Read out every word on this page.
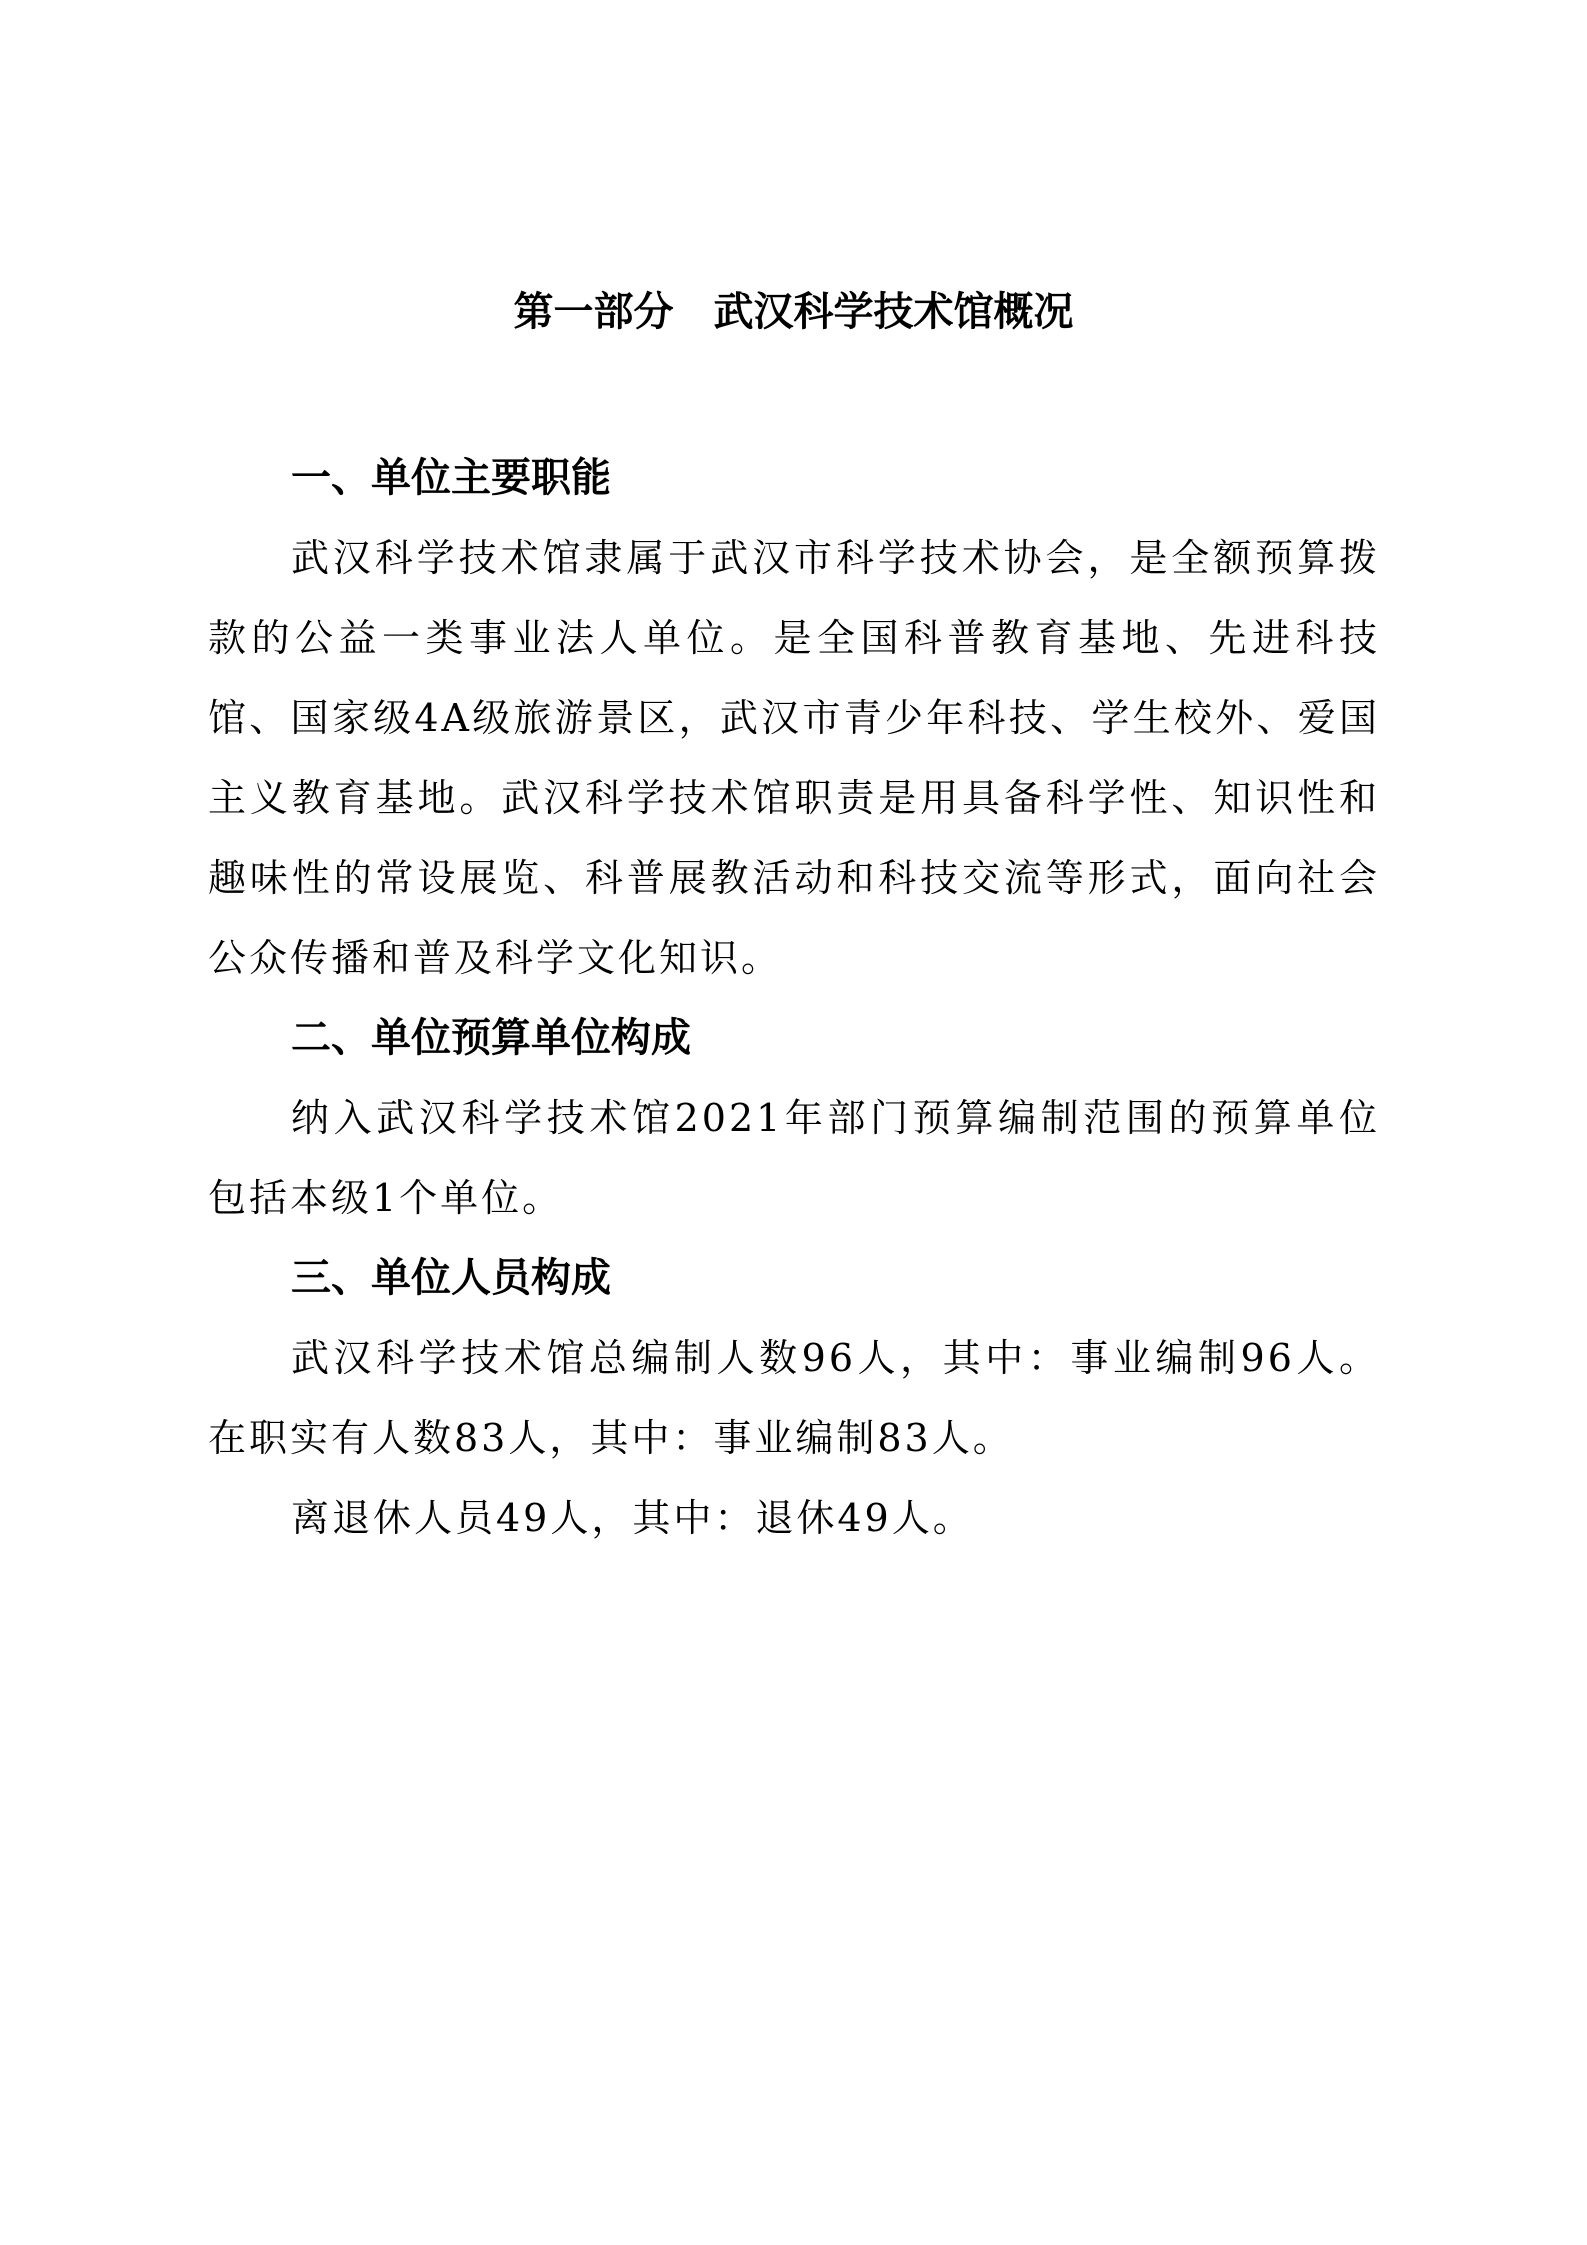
第一部分　武汉科学技术馆概况
一、单位主要职能

武汉科学技术馆隶属于武汉市科学技术协会，是全额预算拨款的公益一类事业法人单位。是全国科普教育基地、先进科技馆、国家级4A级旅游景区，武汉市青少年科技、学生校外、爱国主义教育基地。武汉科学技术馆职责是用具备科学性、知识性和趣味性的常设展览、科普展教活动和科技交流等形式，面向社会公众传播和普及科学文化知识。

二、单位预算单位构成

纳入武汉科学技术馆2021年部门预算编制范围的预算单位包括本级1个单位。

三、单位人员构成

武汉科学技术馆总编制人数96人，其中：事业编制96人。在职实有人数83人，其中：事业编制83人。

离退休人员49人，其中：退休49人。
